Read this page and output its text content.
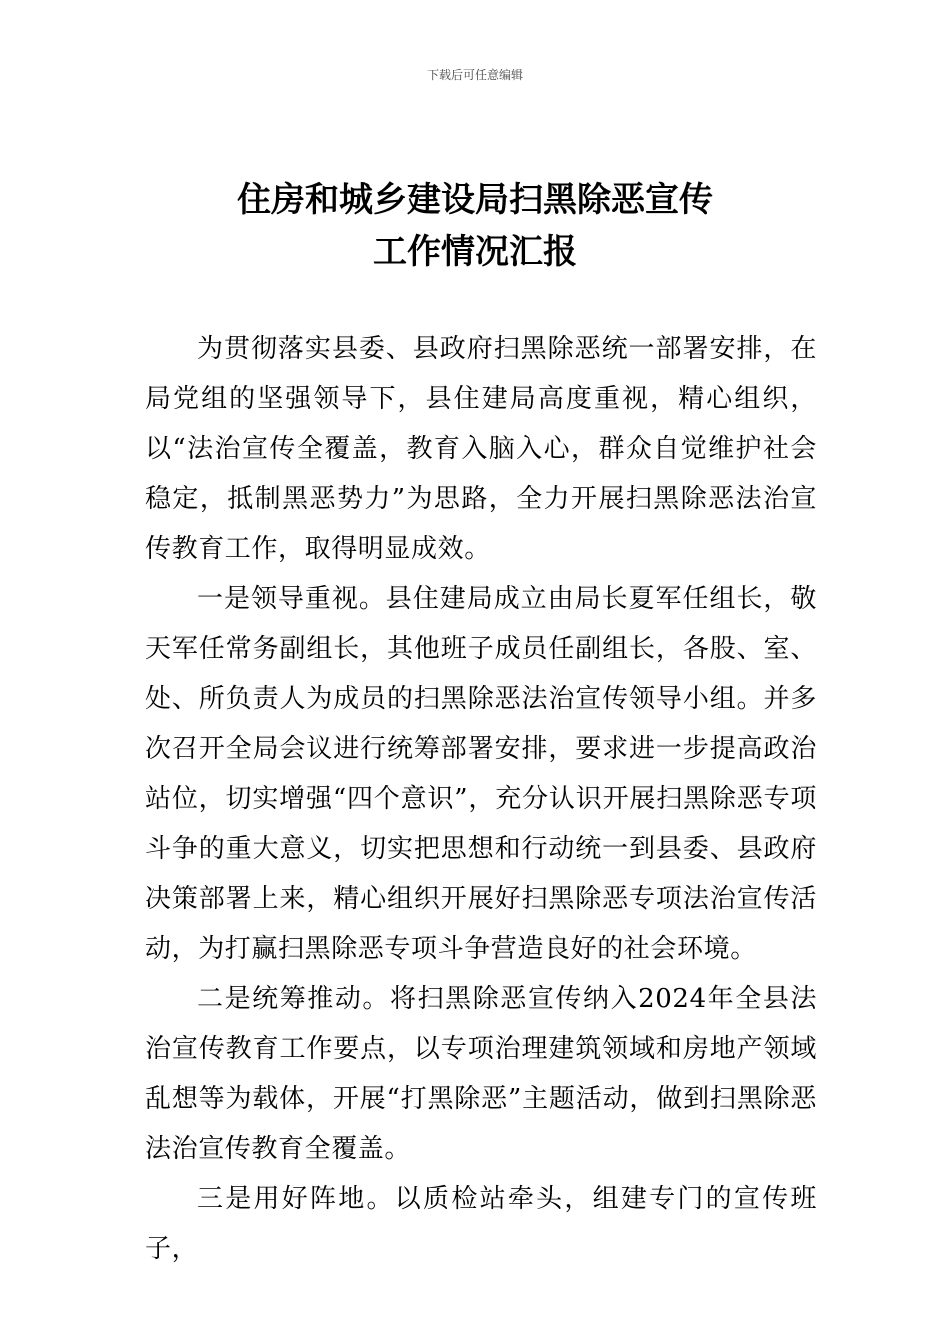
下载后可任意编辑
住房和城乡建设局扫黑除恶宣传
工作情况汇报

为贯彻落实县委、县政府扫黑除恶统一部署安排，在局党组的坚强领导下，县住建局高度重视，精心组织，以“法治宣传全覆盖，教育入脑入心，群众自觉维护社会稳定，抵制黑恶势力”为思路，全力开展扫黑除恶法治宣传教育工作，取得明显成效。

一是领导重视。县住建局成立由局长夏军任组长，敬天军任常务副组长，其他班子成员任副组长，各股、室、处、所负责人为成员的扫黑除恶法治宣传领导小组。并多次召开全局会议进行统筹部署安排，要求进一步提高政治站位，切实增强“四个意识”，充分认识开展扫黑除恶专项斗争的重大意义，切实把思想和行动统一到县委、县政府决策部署上来，精心组织开展好扫黑除恶专项法治宣传活动，为打赢扫黑除恶专项斗争营造良好的社会环境。

二是统筹推动。将扫黑除恶宣传纳入2024年全县法治宣传教育工作要点，以专项治理建筑领域和房地产领域乱想等为载体，开展“打黑除恶”主题活动，做到扫黑除恶法治宣传教育全覆盖。

三是用好阵地。以质检站牵头，组建专门的宣传班子，
